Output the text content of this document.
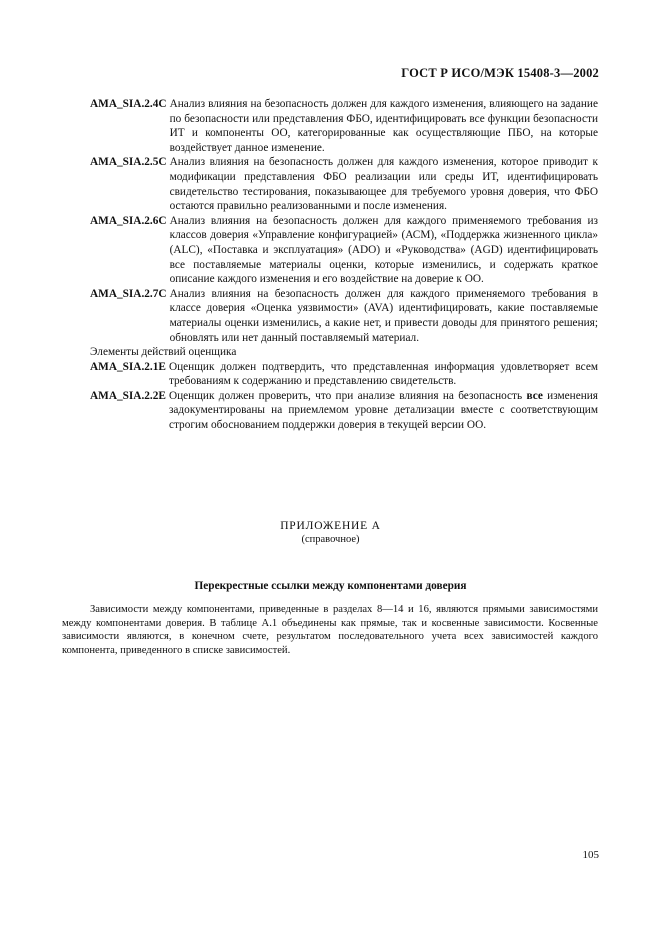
ГОСТ Р ИСО/МЭК 15408-3—2002
AMA_SIA.2.4C Анализ влияния на безопасность должен для каждого изменения, влияющего на задание по безопасности или представления ФБО, идентифицировать все функции безопасности ИТ и компоненты ОО, категорированные как осуществляющие ПБО, на которые воздействует данное изменение.
AMA_SIA.2.5C Анализ влияния на безопасность должен для каждого изменения, которое приводит к модификации представления ФБО реализации или среды ИТ, идентифицировать свидетельство тестирования, показывающее для требуемого уровня доверия, что ФБО остаются правильно реализованными и после изменения.
AMA_SIA.2.6C Анализ влияния на безопасность должен для каждого применяемого требования из классов доверия «Управление конфигурацией» (АСМ), «Поддержка жизненного цикла» (ALC), «Поставка и эксплуатация» (ADO) и «Руководства» (AGD) идентифицировать все поставляемые материалы оценки, которые изменились, и содержать краткое описание каждого изменения и его воздействие на доверие к ОО.
AMA_SIA.2.7C Анализ влияния на безопасность должен для каждого применяемого требования в классе доверия «Оценка уязвимости» (AVA) идентифицировать, какие поставляемые материалы оценки изменились, а какие нет, и привести доводы для принятого решения; обновлять или нет данный поставляемый материал.
Элементы действий оценщика
AMA_SIA.2.1E Оценщик должен подтвердить, что представленная информация удовлетворяет всем требованиям к содержанию и представлению свидетельств.
AMA_SIA.2.2E Оценщик должен проверить, что при анализе влияния на безопасность все изменения задокументированы на приемлемом уровне детализации вместе с соответствующим строгим обоснованием поддержки доверия в текущей версии ОО.
ПРИЛОЖЕНИЕ А
(справочное)
Перекрестные ссылки между компонентами доверия
Зависимости между компонентами, приведенные в разделах 8—14 и 16, являются прямыми зависимостями между компонентами доверия. В таблице А.1 объединены как прямые, так и косвенные зависимости. Косвенные зависимости являются, в конечном счете, результатом последовательного учета всех зависимостей каждого компонента, приведенного в списке зависимостей.
105
